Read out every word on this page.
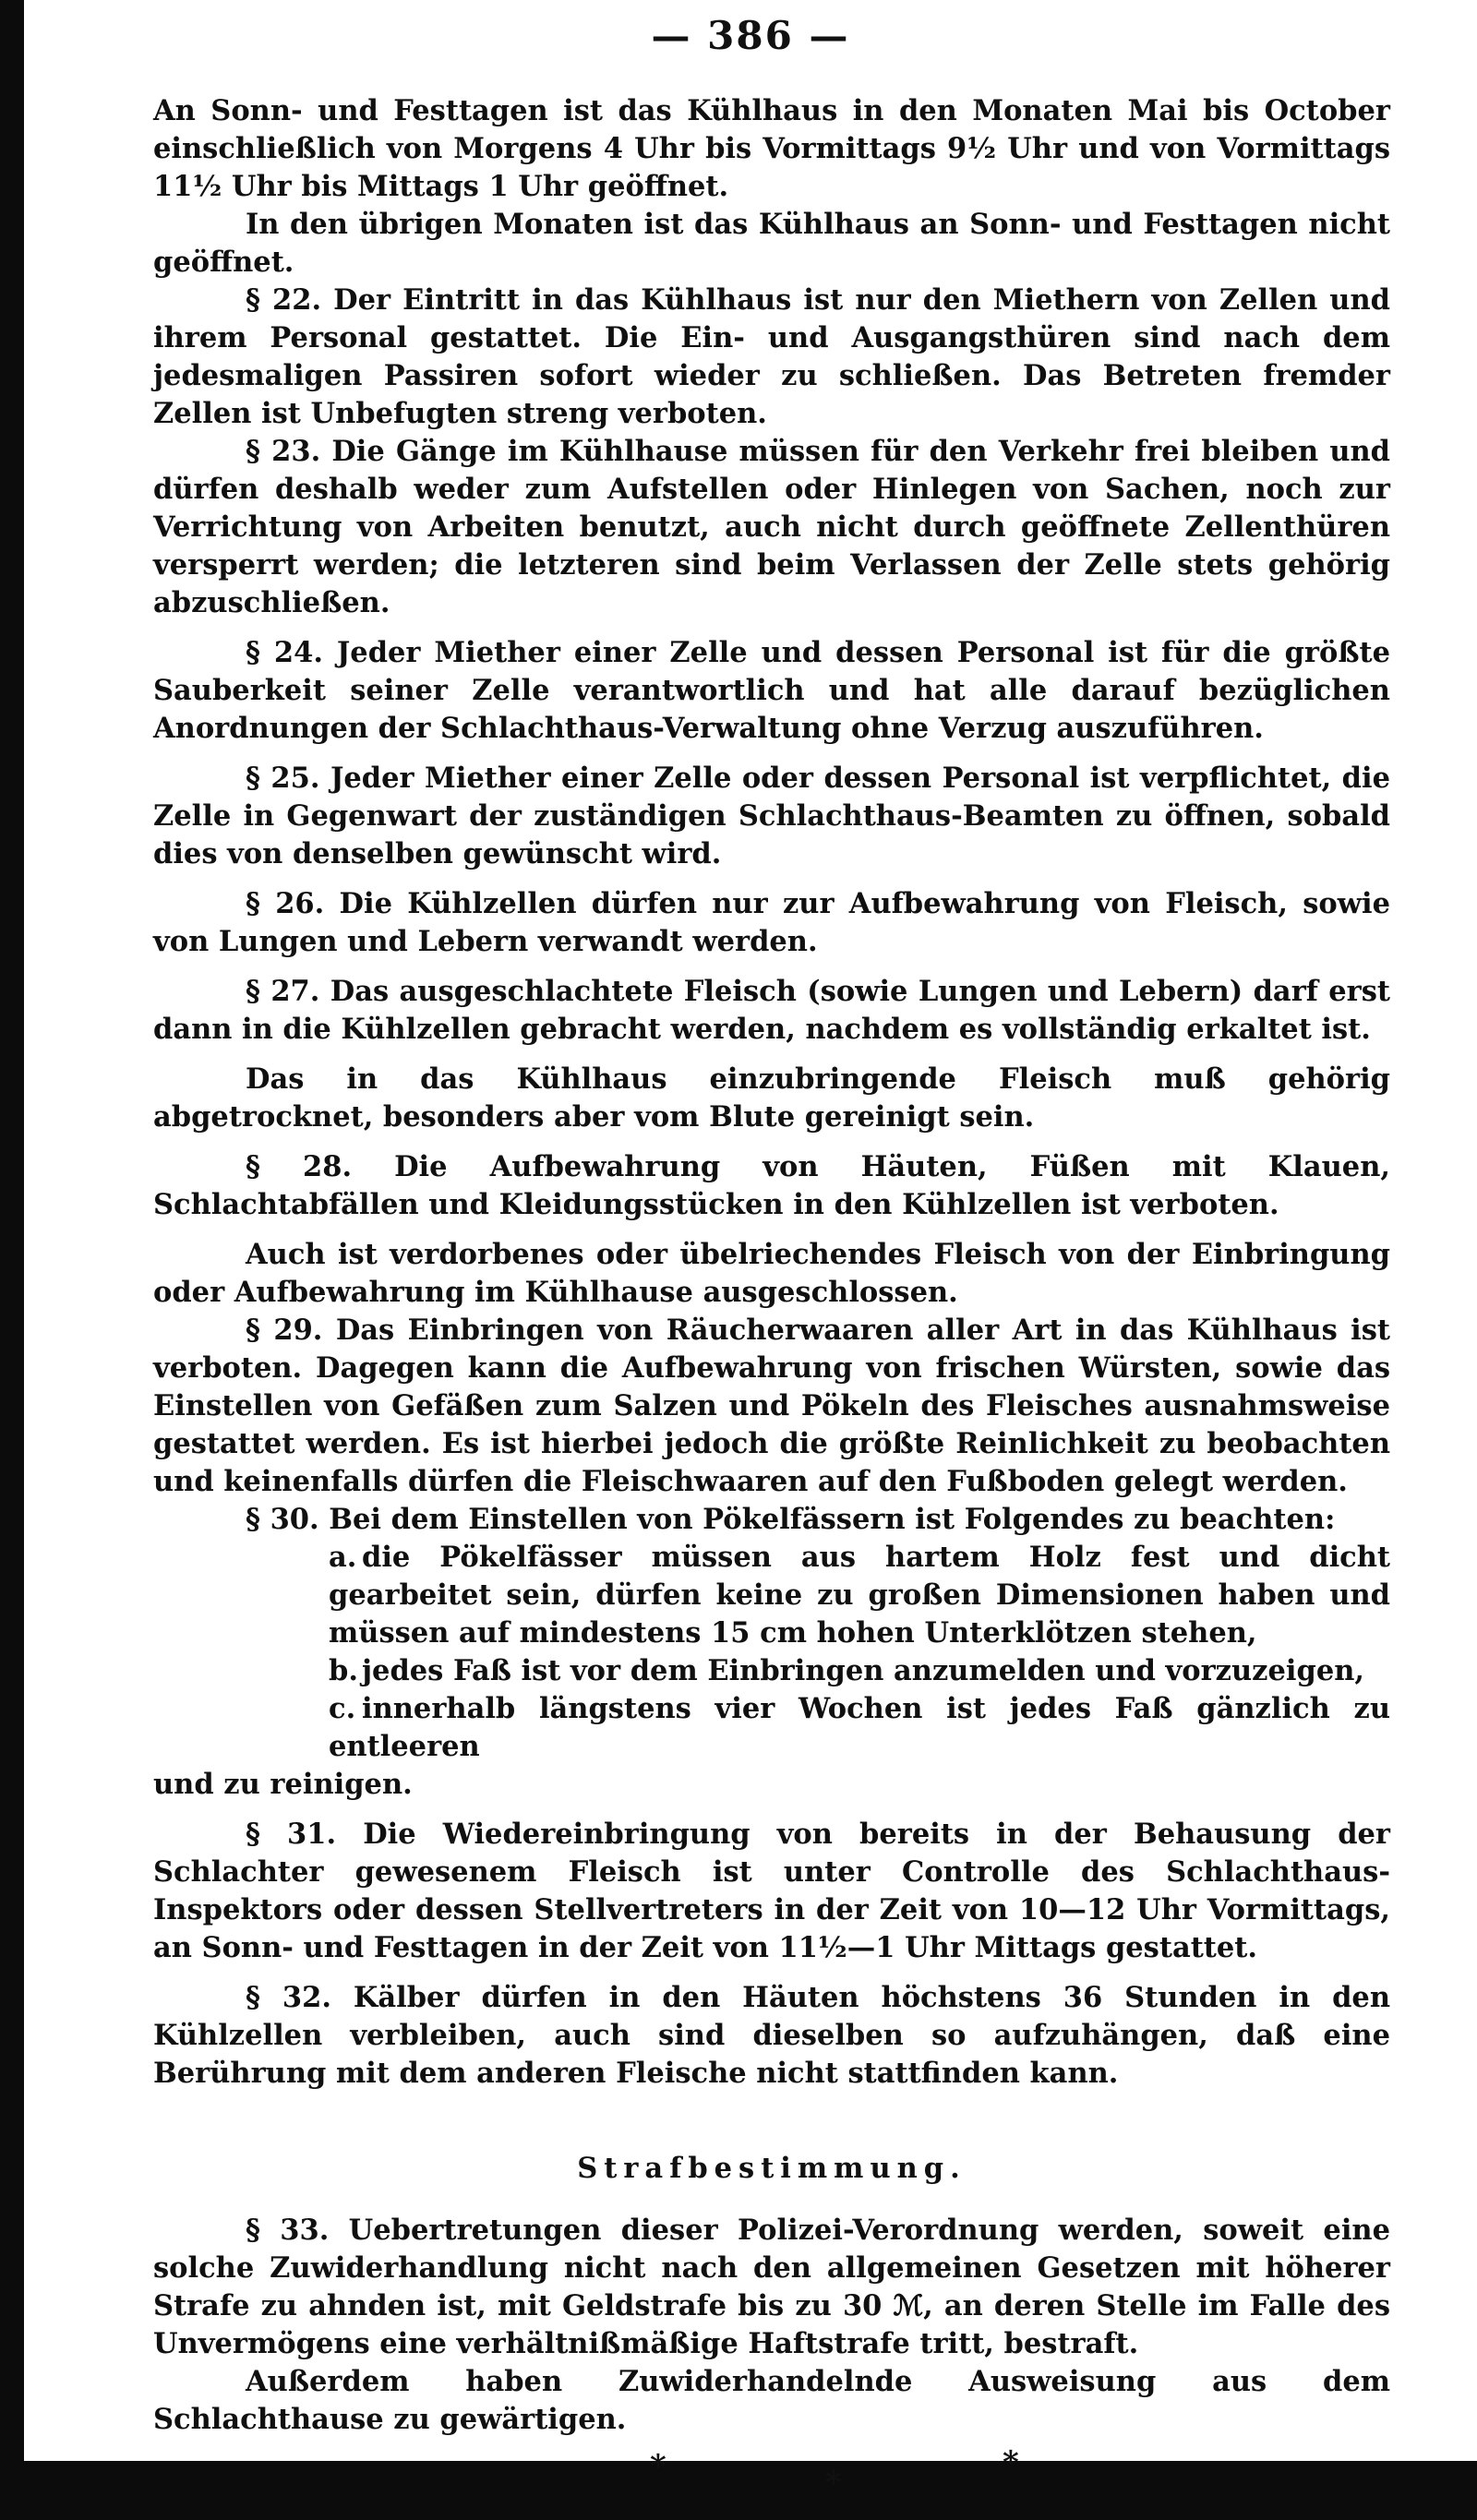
— 386 —

An Sonn- und Festtagen ist das Kühlhaus in den Monaten Mai bis October einschließlich von Morgens 4 Uhr bis Vormittags 9½ Uhr und von Vormittags 11½ Uhr bis Mittags 1 Uhr geöffnet.

In den übrigen Monaten ist das Kühlhaus an Sonn- und Festtagen nicht geöffnet.

§ 22. Der Eintritt in das Kühlhaus ist nur den Miethern von Zellen und ihrem Personal gestattet. Die Ein- und Ausgangsthüren sind nach dem jedesmaligen Passiren sofort wieder zu schließen. Das Betreten fremder Zellen ist Unbefugten streng verboten.

§ 23. Die Gänge im Kühlhause müssen für den Verkehr frei bleiben und dürfen deshalb weder zum Aufstellen oder Hinlegen von Sachen, noch zur Verrichtung von Arbeiten benutzt, auch nicht durch geöffnete Zellenthüren versperrt werden; die letzteren sind beim Verlassen der Zelle stets gehörig abzuschließen.

§ 24. Jeder Miether einer Zelle und dessen Personal ist für die größte Sauberkeit seiner Zelle verantwortlich und hat alle darauf bezüglichen Anordnungen der Schlachthaus-Verwaltung ohne Verzug auszuführen.

§ 25. Jeder Miether einer Zelle oder dessen Personal ist verpflichtet, die Zelle in Gegenwart der zuständigen Schlachthaus-Beamten zu öffnen, sobald dies von denselben gewünscht wird.

§ 26. Die Kühlzellen dürfen nur zur Aufbewahrung von Fleisch, sowie von Lungen und Lebern verwandt werden.

§ 27. Das ausgeschlachtete Fleisch (sowie Lungen und Lebern) darf erst dann in die Kühlzellen gebracht werden, nachdem es vollständig erkaltet ist.

Das in das Kühlhaus einzubringende Fleisch muß gehörig abgetrocknet, besonders aber vom Blute gereinigt sein.

§ 28. Die Aufbewahrung von Häuten, Füßen mit Klauen, Schlachtabfällen und Kleidungsstücken in den Kühlzellen ist verboten.

Auch ist verdorbenes oder übelriechendes Fleisch von der Einbringung oder Aufbewahrung im Kühlhause ausgeschlossen.

§ 29. Das Einbringen von Räucherwaaren aller Art in das Kühlhaus ist verboten. Dagegen kann die Aufbewahrung von frischen Würsten, sowie das Einstellen von Gefäßen zum Salzen und Pökeln des Fleisches ausnahmsweise gestattet werden. Es ist hierbei jedoch die größte Reinlichkeit zu beobachten und keinenfalls dürfen die Fleischwaaren auf den Fußboden gelegt werden.

§ 30. Bei dem Einstellen von Pökelfässern ist Folgendes zu beachten:

a. die Pökelfässer müssen aus hartem Holz fest und dicht gearbeitet sein, dürfen keine zu großen Dimensionen haben und müssen auf mindestens 15 cm hohen Unterklötzen stehen,

b. jedes Faß ist vor dem Einbringen anzumelden und vorzuzeigen,

c. innerhalb längstens vier Wochen ist jedes Faß gänzlich zu entleeren

und zu reinigen.

§ 31. Die Wiedereinbringung von bereits in der Behausung der Schlachter gewesenem Fleisch ist unter Controlle des Schlachthaus-Inspektors oder dessen Stellvertreters in der Zeit von 10—12 Uhr Vormittags, an Sonn- und Festtagen in der Zeit von 11½—1 Uhr Mittags gestattet.

§ 32. Kälber dürfen in den Häuten höchstens 36 Stunden in den Kühlzellen verbleiben, auch sind dieselben so aufzuhängen, daß eine Berührung mit dem anderen Fleische nicht stattfinden kann.

Strafbestimmung.

§ 33. Uebertretungen dieser Polizei-Verordnung werden, soweit eine solche Zuwiderhandlung nicht nach den allgemeinen Gesetzen mit höherer Strafe zu ahnden ist, mit Geldstrafe bis zu 30 ℳ, an deren Stelle im Falle des Unvermögens eine verhältnißmäßige Haftstrafe tritt, bestraft.

Außerdem haben Zuwiderhandelnde Ausweisung aus dem Schlachthause zu gewärtigen.

*	*
*
